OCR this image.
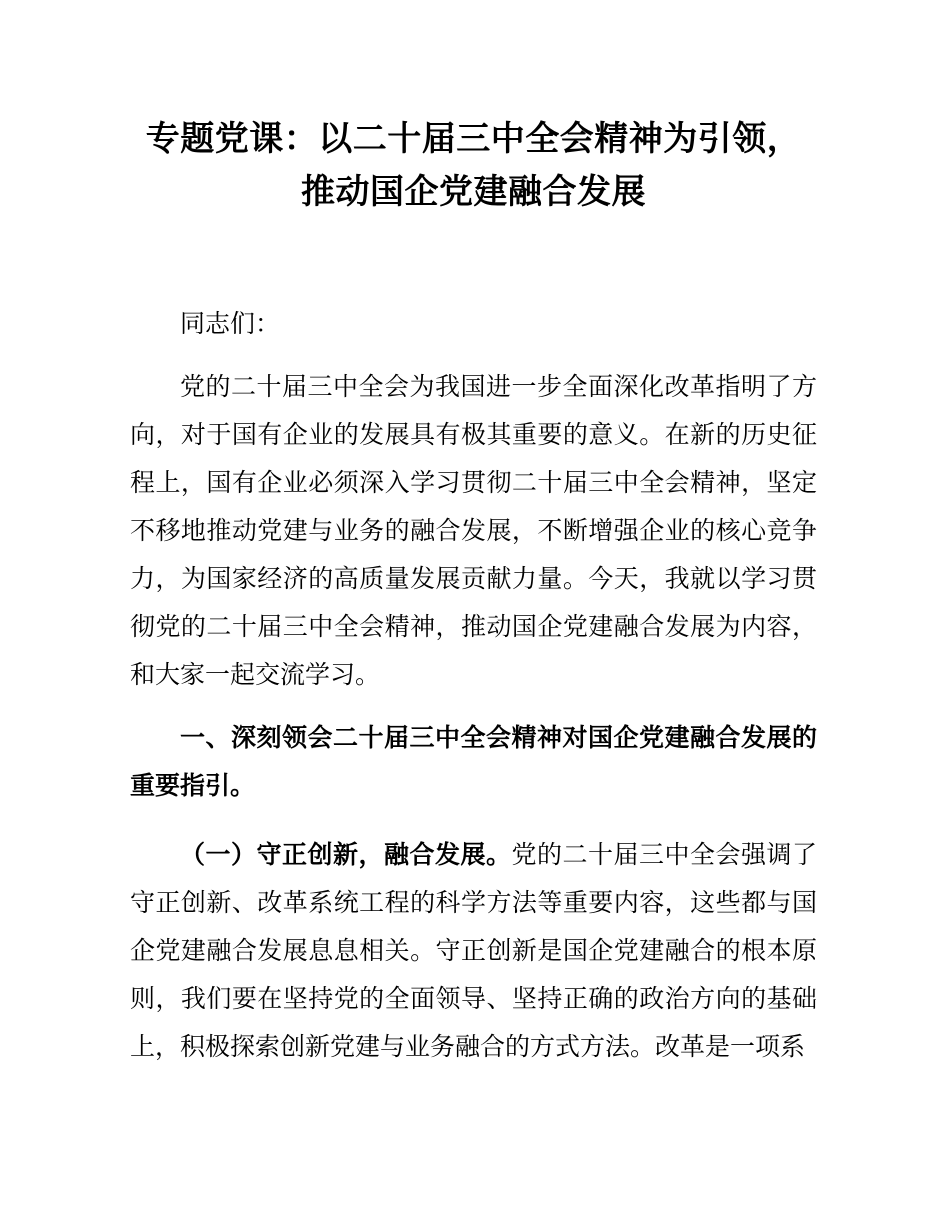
专题党课：以二十届三中全会精神为引领，
推动国企党建融合发展

同志们：

党的二十届三中全会为我国进一步全面深化改革指明了方向，对于国有企业的发展具有极其重要的意义。在新的历史征程上，国有企业必须深入学习贯彻二十届三中全会精神，坚定不移地推动党建与业务的融合发展，不断增强企业的核心竞争力，为国家经济的高质量发展贡献力量。今天，我就以学习贯彻党的二十届三中全会精神，推动国企党建融合发展为内容，和大家一起交流学习。

一、深刻领会二十届三中全会精神对国企党建融合发展的重要指引。

（一）守正创新，融合发展。党的二十届三中全会强调了守正创新、改革系统工程的科学方法等重要内容，这些都与国企党建融合发展息息相关。守正创新是国企党建融合的根本原则，我们要在坚持党的全面领导、坚持正确的政治方向的基础上，积极探索创新党建与业务融合的方式方法。改革是一项系
